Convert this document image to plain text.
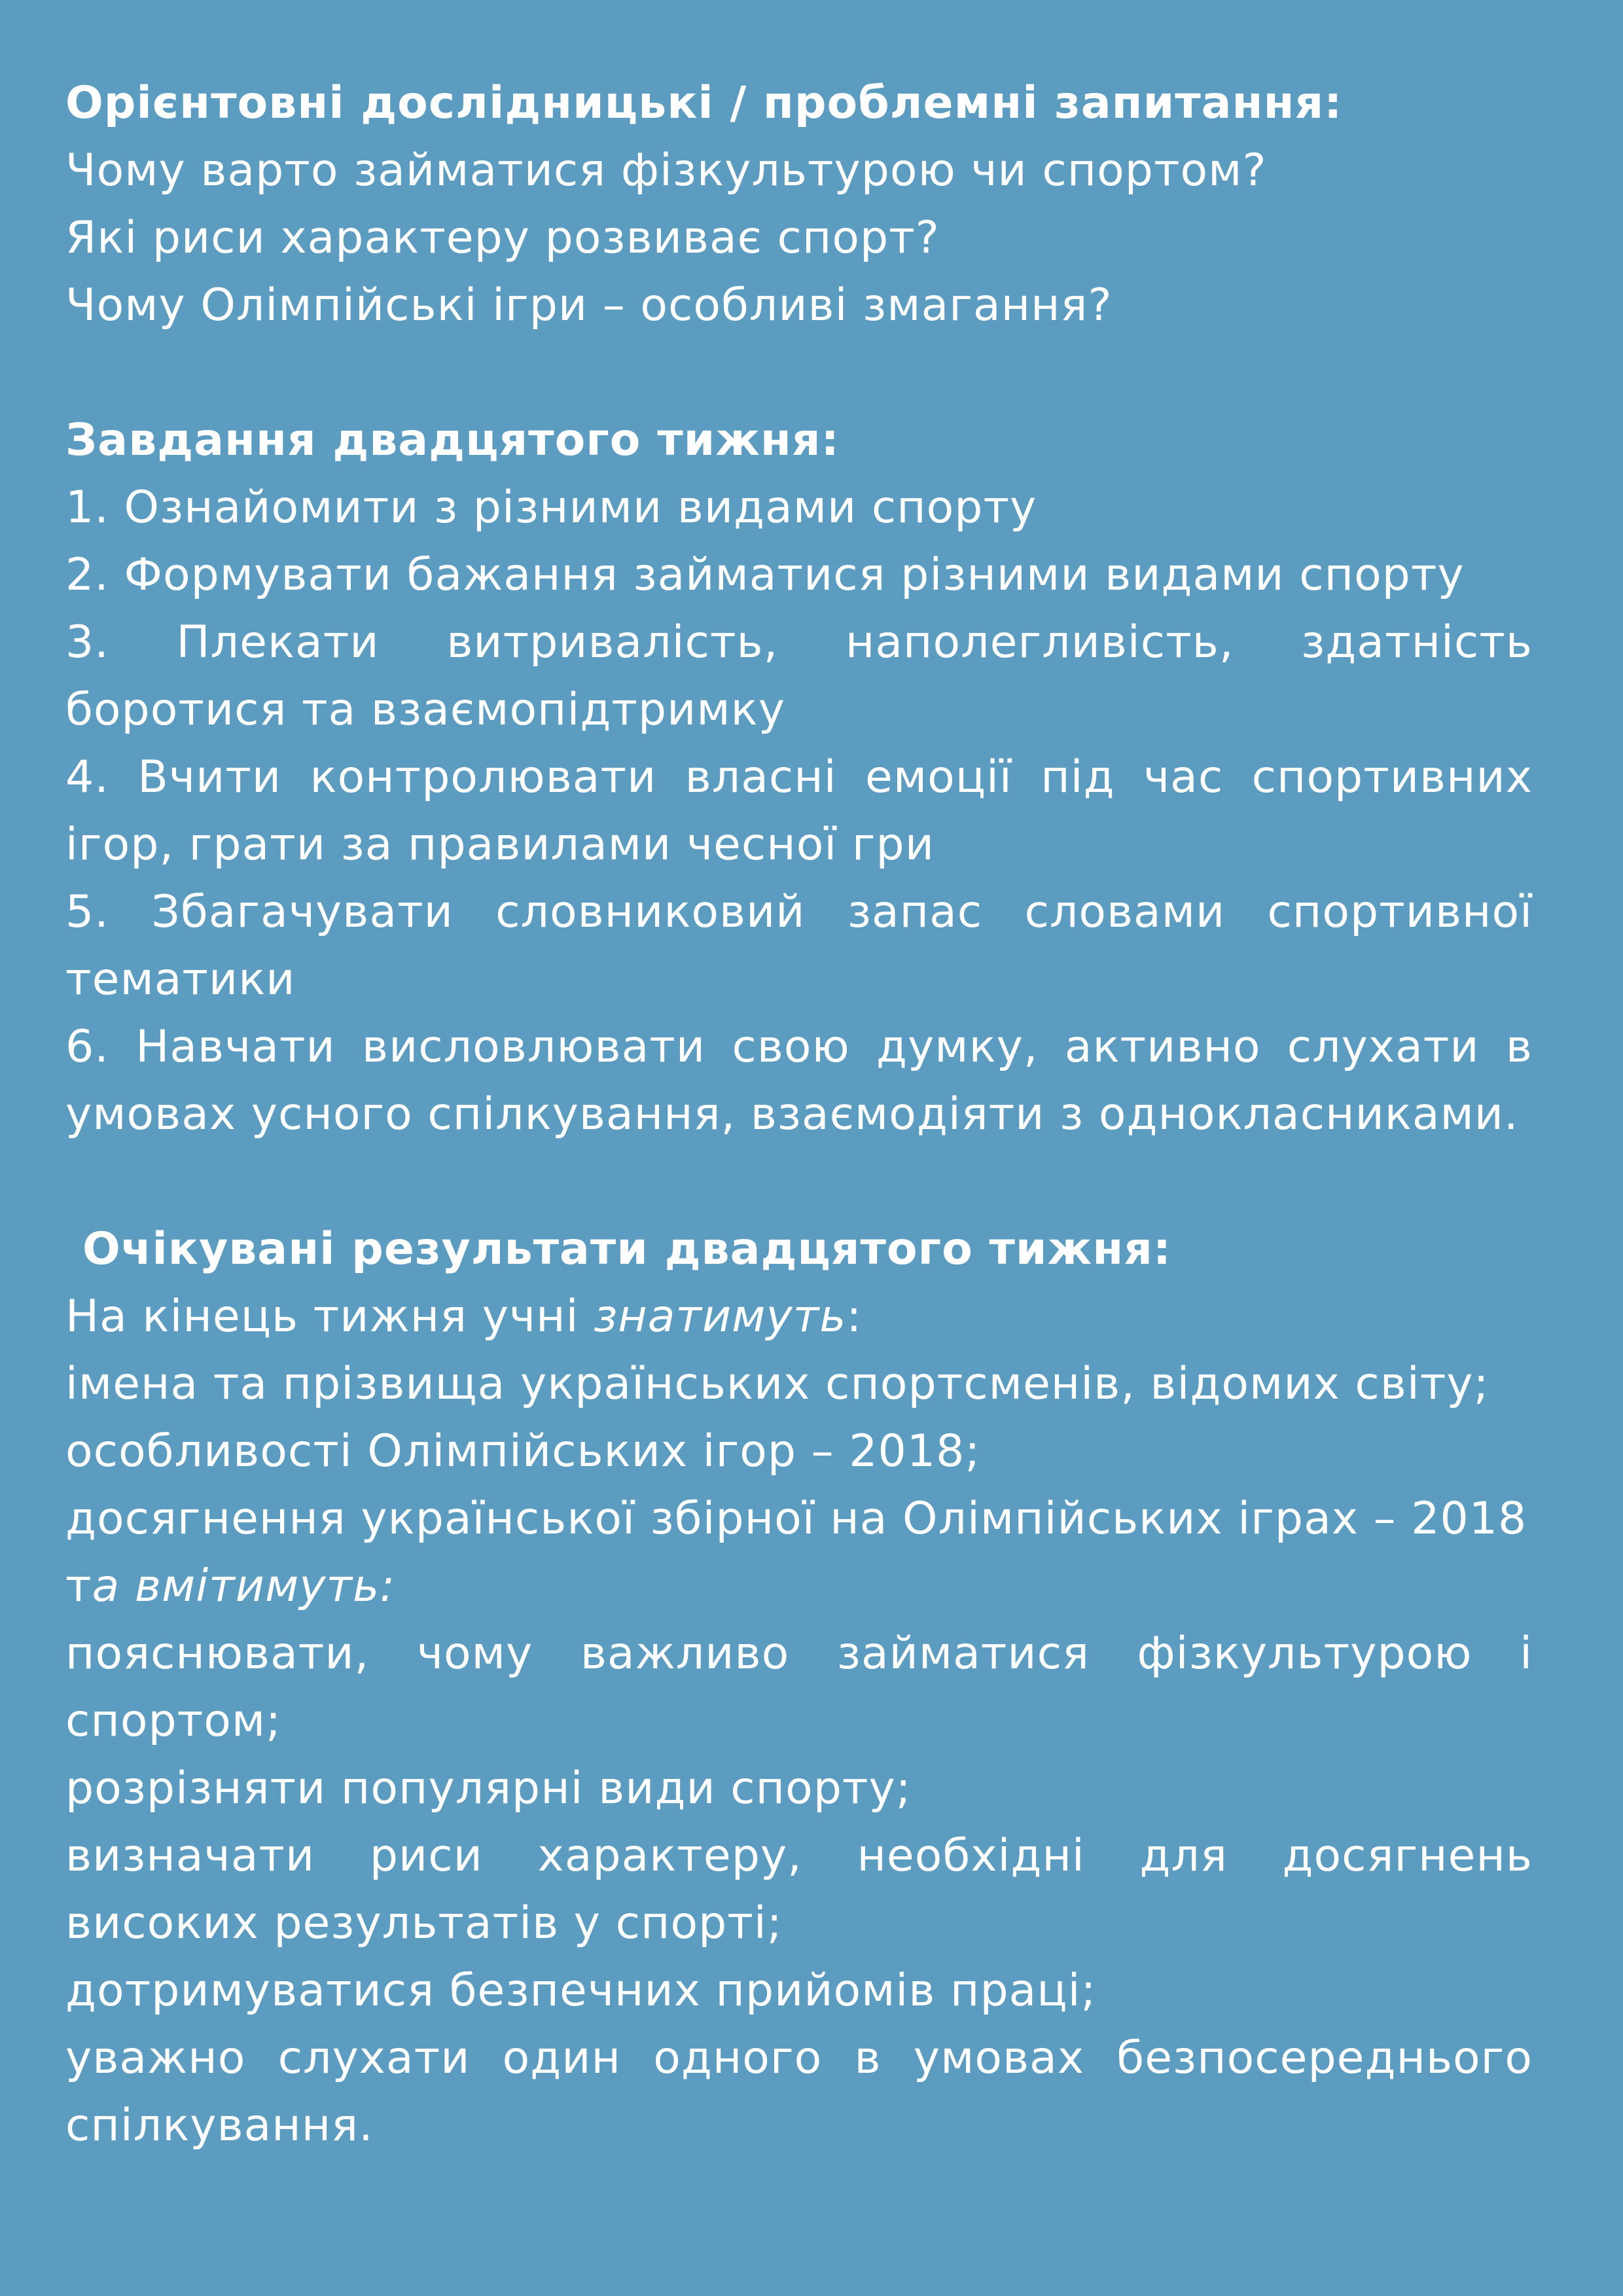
Орієнтовні дослідницькі / проблемні запитання:

Чому варто займатися фізкультурою чи спортом?

Які риси характеру розвиває спорт?

Чому Олімпійські ігри – особливі змагання?

Завдання двадцятого тижня:

1. Ознайомити з різними видами спорту

2. Формувати бажання займатися різними видами спорту

3. Плекати витривалість, наполегливість, здатність боротися та взаємопідтримку

4. Вчити контролювати власні емоції під час спортивних ігор, грати за правилами чесної гри

5. Збагачувати словниковий запас словами спортивної тематики

6. Навчати висловлювати свою думку, активно слухати в умовах усного спілкування, взаємодіяти з однокласниками.

Очікувані результати двадцятого тижня:

На кінець тижня учні знатимуть:

імена та прізвища українських спортсменів, відомих світу;

особливості Олімпійських ігор – 2018;

досягнення української збірної на Олімпійських іграх – 2018

та вмітимуть:

пояснювати, чому важливо займатися фізкультурою і спортом;

розрізняти популярні види спорту;

визначати риси характеру, необхідні для досягнень високих результатів у спорті;

дотримуватися безпечних прийомів праці;

уважно слухати один одного в умовах безпосереднього спілкування.
